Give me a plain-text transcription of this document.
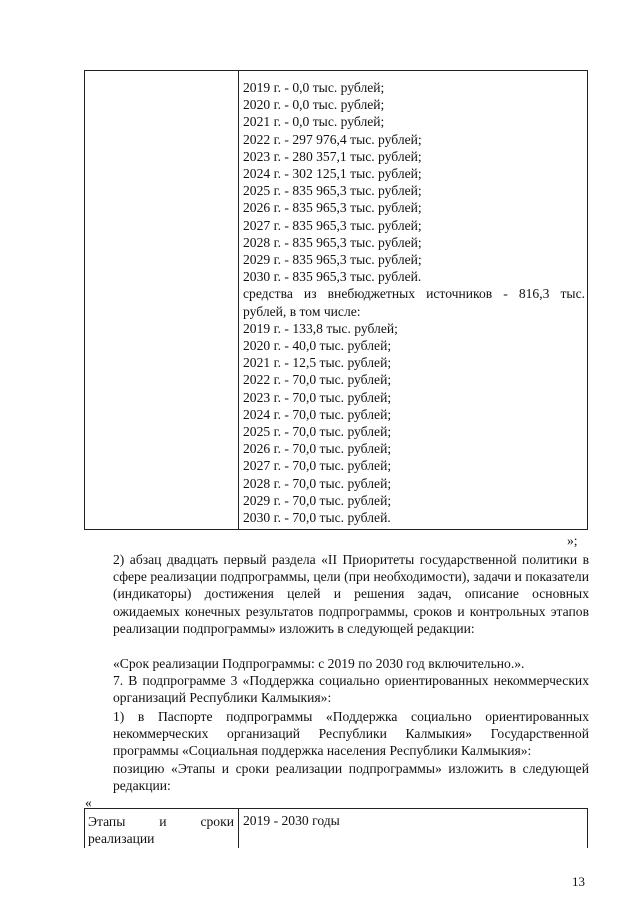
2019 г. - 0,0 тыс. рублей;
2020 г. - 0,0 тыс. рублей;
2021 г. - 0,0 тыс. рублей;
2022 г. - 297 976,4 тыс. рублей;
2023 г. - 280 357,1 тыс. рублей;
2024 г. - 302 125,1 тыс. рублей;
2025 г. - 835 965,3 тыс. рублей;
2026 г. - 835 965,3 тыс. рублей;
2027 г. - 835 965,3 тыс. рублей;
2028 г. - 835 965,3 тыс. рублей;
2029 г. - 835 965,3 тыс. рублей;
2030 г. - 835 965,3 тыс. рублей.
средства из внебюджетных источников - 816,3 тыс. рублей, в том числе:
2019 г. - 133,8 тыс. рублей;
2020 г. - 40,0 тыс. рублей;
2021 г. - 12,5 тыс. рублей;
2022 г. - 70,0 тыс. рублей;
2023 г. - 70,0 тыс. рублей;
2024 г. - 70,0 тыс. рублей;
2025 г. - 70,0 тыс. рублей;
2026 г. - 70,0 тыс. рублей;
2027 г. - 70,0 тыс. рублей;
2028 г. - 70,0 тыс. рублей;
2029 г. - 70,0 тыс. рублей;
2030 г. - 70,0 тыс. рублей.
»;
2) абзац двадцать первый раздела «II Приоритеты государственной политики в сфере реализации подпрограммы, цели (при необходимости), задачи и показатели (индикаторы) достижения целей и решения задач, описание основных ожидаемых конечных результатов подпрограммы, сроков и контрольных этапов реализации подпрограммы» изложить в следующей редакции:
«Срок реализации Подпрограммы: с 2019 по 2030 год включительно.».
7. В подпрограмме 3 «Поддержка социально ориентированных некоммерческих организаций Республики Калмыкия»:
1) в Паспорте подпрограммы «Поддержка социально ориентированных некоммерческих организаций Республики Калмыкия» Государственной программы «Социальная поддержка населения Республики Калмыкия»:
позицию «Этапы и сроки реализации подпрограммы» изложить в следующей редакции:
«
Этапы и сроки
реализации
2019 - 2030 годы
13
